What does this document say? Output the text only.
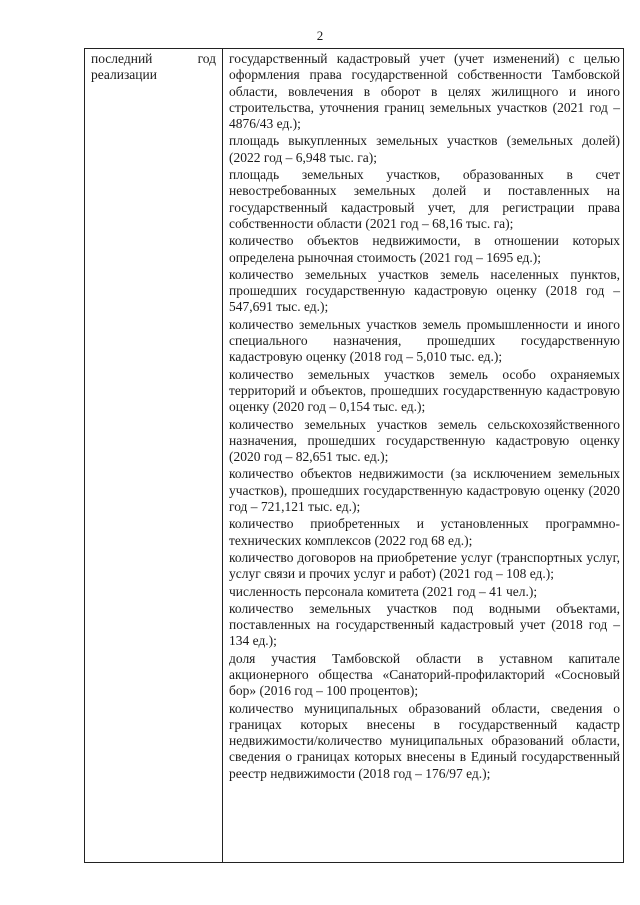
2
последний	год
реализации

государственный кадастровый учет (учет изменений) с целью оформления права государственной собственности Тамбовской области, вовлечения в оборот в целях жилищного и иного строительства, уточнения границ земельных участков (2021 год – 4876/43 ед.);

площадь выкупленных земельных участков (земельных долей) (2022 год – 6,948 тыс. га);

площадь земельных участков, образованных в счет невостребованных земельных долей и поставленных на государственный кадастровый учет, для регистрации права собственности области (2021 год – 68,16 тыс. га);

количество объектов недвижимости, в отношении которых определена рыночная стоимость (2021 год – 1695 ед.);

количество земельных участков земель населенных пунктов, прошедших государственную кадастровую оценку (2018 год – 547,691 тыс. ед.);

количество земельных участков земель промышленности и иного специального назначения, прошедших государственную кадастровую оценку (2018 год – 5,010 тыс. ед.);

количество земельных участков земель особо охраняемых территорий и объектов, прошедших государственную кадастровую оценку (2020 год – 0,154 тыс. ед.);

количество земельных участков земель сельскохозяйственного назначения, прошедших государственную кадастровую оценку (2020 год – 82,651 тыс. ед.);

количество объектов недвижимости (за исключением земельных участков), прошедших государственную кадастровую оценку (2020 год – 721,121 тыс. ед.);

количество приобретенных и установленных программно-технических комплексов (2022 год 68 ед.);

количество договоров на приобретение услуг (транспортных услуг, услуг связи и прочих услуг и работ) (2021 год – 108 ед.);

численность персонала комитета (2021 год – 41 чел.);

количество земельных участков под водными объектами, поставленных на государственный кадастровый учет (2018 год – 134 ед.);

доля участия Тамбовской области в уставном капитале акционерного общества «Санаторий-профилакторий «Сосновый бор» (2016 год – 100 процентов);

количество муниципальных образований области, сведения о границах которых внесены в государственный кадастр недвижимости/количество муниципальных образований области, сведения о границах которых внесены в Единый государственный реестр недвижимости (2018 год – 176/97 ед.);
